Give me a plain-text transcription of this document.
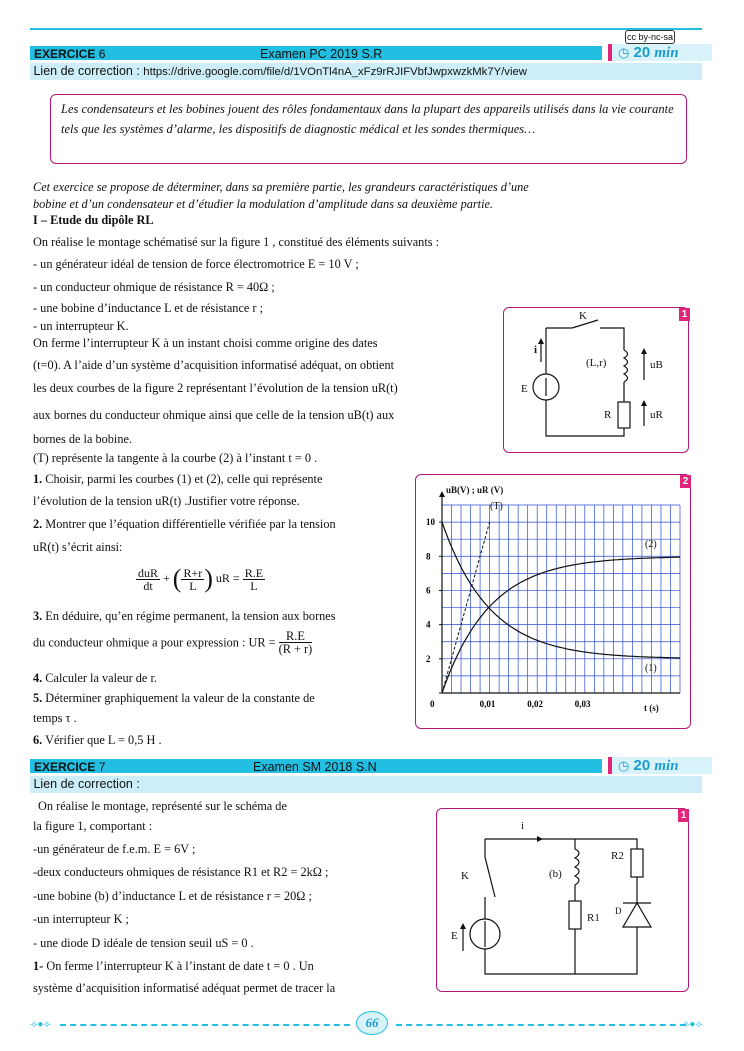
cc by-nc-sa
EXERCICE 6	Examen PC 2019 S.R	◷ 20 min
Lien de correction : https://drive.google.com/file/d/1VOnTl4nA_xFz9rRJIFVbfJwpxwzkMk7Y/view
Les condensateurs et les bobines jouent des rôles fondamentaux dans la plupart des appareils utilisés dans la vie courante tels que les systèmes d’alarme, les dispositifs de diagnostic médical et les sondes thermiques…
Cet exercice se propose de déterminer, dans sa première partie, les grandeurs caractéristiques d’une
bobine et d’un condensateur et d’étudier la modulation d’amplitude dans sa deuxième partie.
I – Etude du dipôle RL
On réalise le montage schématisé sur la figure 1 , constitué des éléments suivants :
- un générateur idéal de tension de force électromotrice E = 10 V ;
- un conducteur ohmique de résistance R = 40Ω ;
- une bobine d’inductance L et de résistance r ;
- un interrupteur K.
On ferme l’interrupteur K à un instant choisi comme origine des dates
(t=0). A l’aide d’un système d’acquisition informatisé adéquat, on obtient
les deux courbes de la figure 2 représentant l’évolution de la tension uR(t)
aux bornes du conducteur ohmique ainsi que celle de la tension uB(t) aux
bornes de la bobine.
(T) représente la tangente à la courbe (2) à l’instant t = 0 .
1. Choisir, parmi les courbes (1) et (2), celle qui représente
l’évolution de la tension uR(t) .Justifier votre réponse.
2. Montrer que l’équation différentielle vérifiée par la tension
uR(t) s’écrit ainsi:
$\frac{\text{duR}}{dt}$ + ( $\frac{R+r}{L}$ ) uR = $\frac{R.E}{L}$
3. En déduire, qu’en régime permanent, la tension aux bornes
du conducteur ohmique a pour expression : UR = $\frac{R.E}{(R + r)}$
4. Calculer la valeur de r.
5. Déterminer graphiquement la valeur de la constante de
temps τ .
6. Vérifier que L = 0,5 H .
1
K
i
E
(L,r)	uB
R	uR
2
2
4
6
8
10
0	0,01	0,02	0,03
uB(V) ; uR (V)
t (s)
(T)
(2)
(1)
EXERCICE 7	Examen SM 2018 S.N	◷ 20 min
Lien de correction :
On réalise le montage, représenté sur le schéma de
la figure 1, comportant :
-un générateur de f.e.m. E = 6V ;
-deux conducteurs ohmiques de résistance R1 et R2 = 2kΩ ;
-une bobine (b) d’inductance L et de résistance r = 20Ω ;
-un interrupteur K ;
- une diode D idéale de tension seuil uS = 0 .
1- On ferme l’interrupteur K à l’instant de date t = 0 . Un
système d’acquisition informatisé adéquat permet de tracer la
1
i
K	(b)
R2
R1
D
E
⟢●⟣	⟢●⟣
66
